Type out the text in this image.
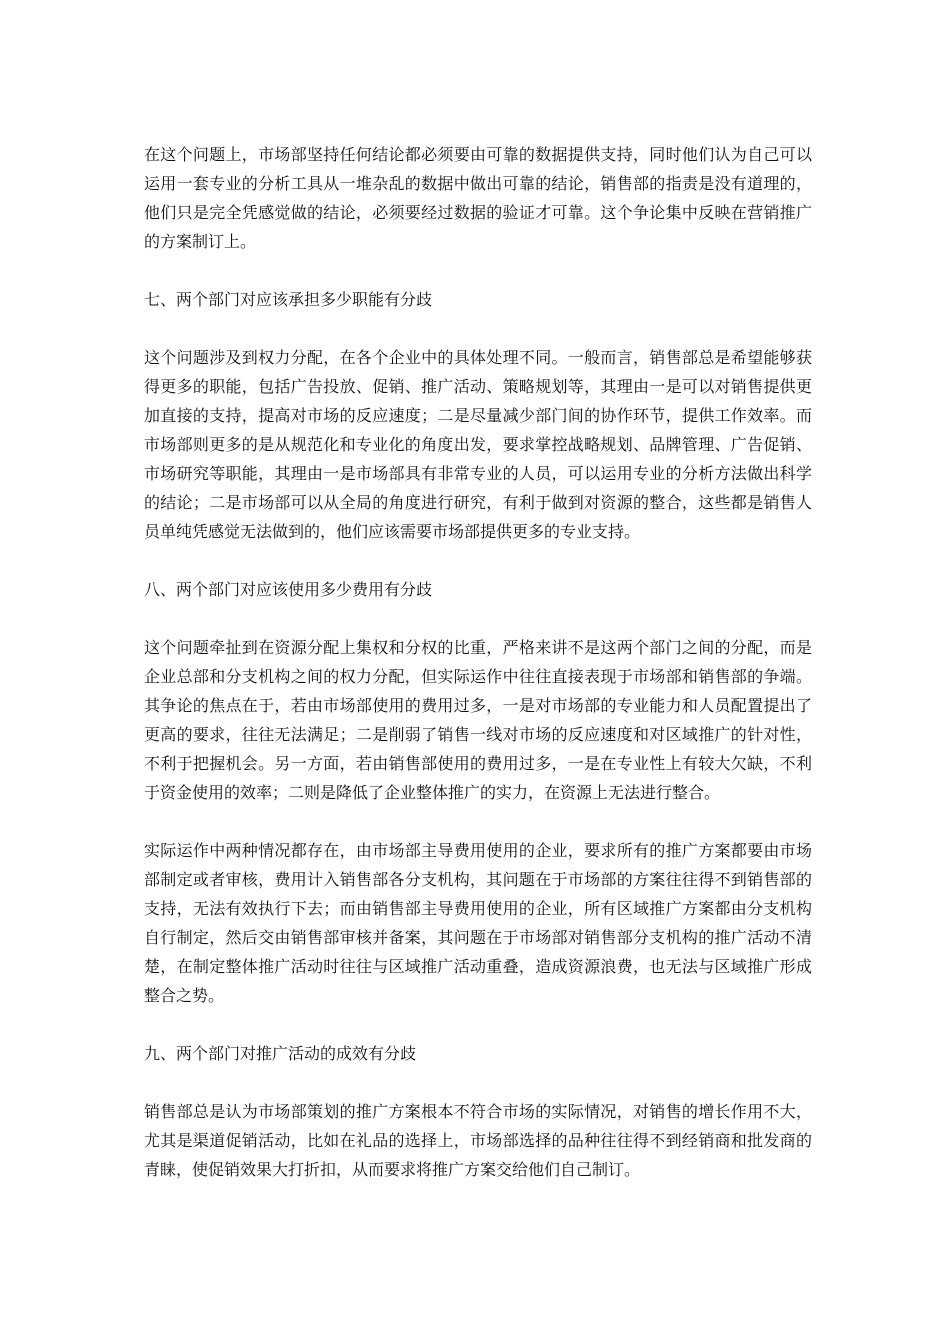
在这个问题上，市场部坚持任何结论都必须要由可靠的数据提供支持，同时他们认为自己可以运用一套专业的分析工具从一堆杂乱的数据中做出可靠的结论，销售部的指责是没有道理的，他们只是完全凭感觉做的结论，必须要经过数据的验证才可靠。这个争论集中反映在营销推广的方案制订上。

七、两个部门对应该承担多少职能有分歧

这个问题涉及到权力分配，在各个企业中的具体处理不同。一般而言，销售部总是希望能够获得更多的职能，包括广告投放、促销、推广活动、策略规划等，其理由一是可以对销售提供更加直接的支持，提高对市场的反应速度；二是尽量减少部门间的协作环节，提供工作效率。而市场部则更多的是从规范化和专业化的角度出发，要求掌控战略规划、品牌管理、广告促销、市场研究等职能，其理由一是市场部具有非常专业的人员，可以运用专业的分析方法做出科学的结论；二是市场部可以从全局的角度进行研究，有利于做到对资源的整合，这些都是销售人员单纯凭感觉无法做到的，他们应该需要市场部提供更多的专业支持。

八、两个部门对应该使用多少费用有分歧

这个问题牵扯到在资源分配上集权和分权的比重，严格来讲不是这两个部门之间的分配，而是企业总部和分支机构之间的权力分配，但实际运作中往往直接表现于市场部和销售部的争端。其争论的焦点在于，若由市场部使用的费用过多，一是对市场部的专业能力和人员配置提出了更高的要求，往往无法满足；二是削弱了销售一线对市场的反应速度和对区域推广的针对性，不利于把握机会。另一方面，若由销售部使用的费用过多，一是在专业性上有较大欠缺，不利于资金使用的效率；二则是降低了企业整体推广的实力，在资源上无法进行整合。

实际运作中两种情况都存在，由市场部主导费用使用的企业，要求所有的推广方案都要由市场部制定或者审核，费用计入销售部各分支机构，其问题在于市场部的方案往往得不到销售部的支持，无法有效执行下去；而由销售部主导费用使用的企业，所有区域推广方案都由分支机构自行制定，然后交由销售部审核并备案，其问题在于市场部对销售部分支机构的推广活动不清楚，在制定整体推广活动时往往与区域推广活动重叠，造成资源浪费，也无法与区域推广形成整合之势。

九、两个部门对推广活动的成效有分歧

销售部总是认为市场部策划的推广方案根本不符合市场的实际情况，对销售的增长作用不大，尤其是渠道促销活动，比如在礼品的选择上，市场部选择的品种往往得不到经销商和批发商的青睐，使促销效果大打折扣，从而要求将推广方案交给他们自己制订。
